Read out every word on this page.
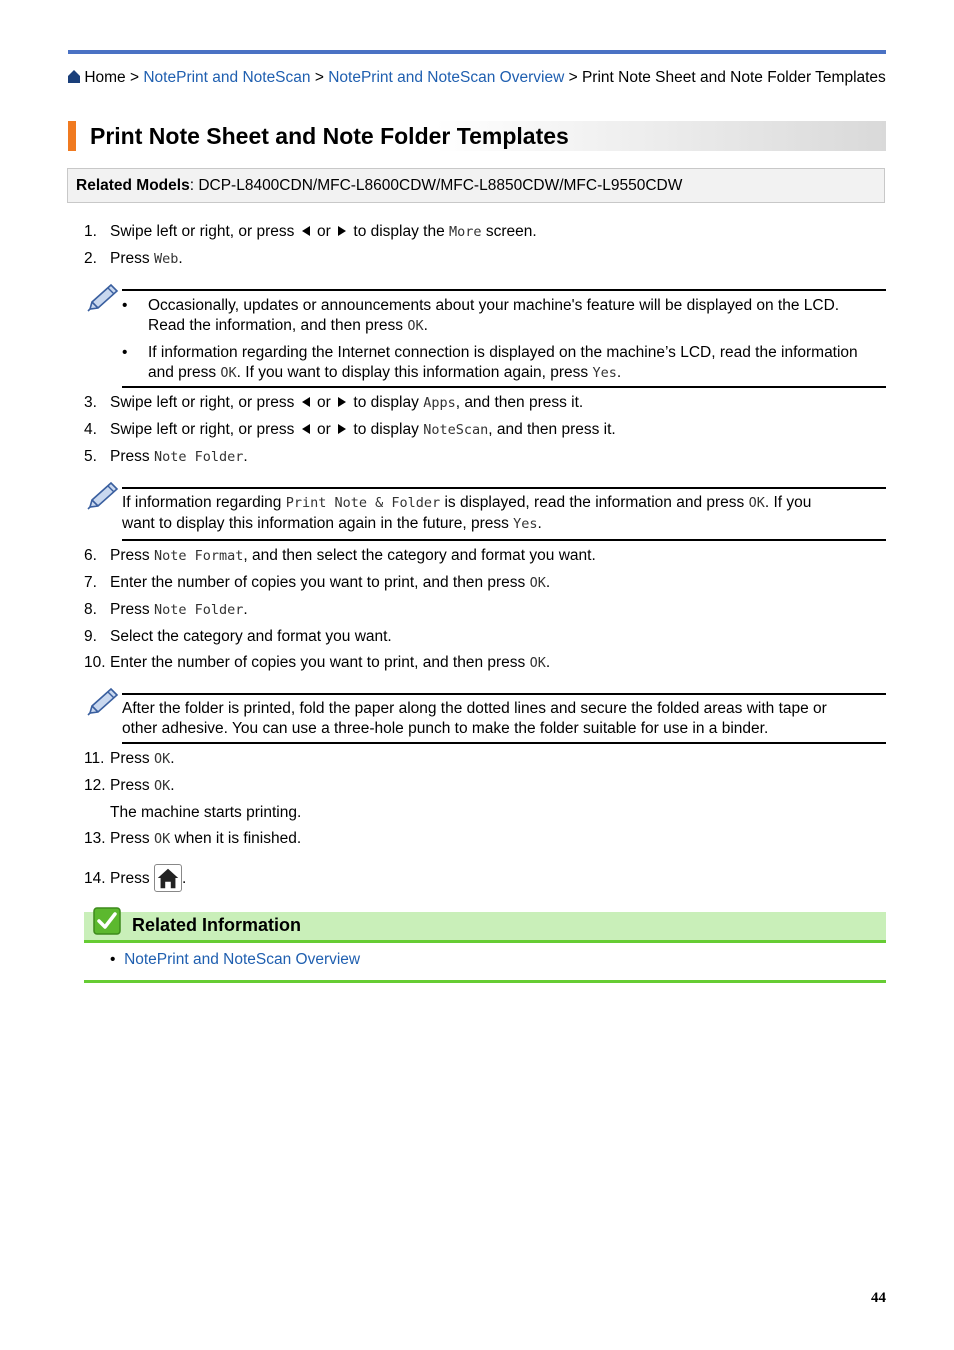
Home > NotePrint and NoteScan > NotePrint and NoteScan Overview > Print Note Sheet and Note Folder Templates
Print Note Sheet and Note Folder Templates
Related Models: DCP-L8400CDN/MFC-L8600CDW/MFC-L8850CDW/MFC-L9550CDW
1. Swipe left or right, or press  or  to display the More screen.
2. Press Web.
• Occasionally, updates or announcements about your machine's feature will be displayed on the LCD.
Read the information, and then press OK.
• If information regarding the Internet connection is displayed on the machine’s LCD, read the information
and press OK. If you want to display this information again, press Yes.
3. Swipe left or right, or press  or  to display Apps, and then press it.
4. Swipe left or right, or press  or  to display NoteScan, and then press it.
5. Press Note Folder.
If information regarding Print Note & Folder is displayed, read the information and press OK. If you
want to display this information again in the future, press Yes.
6. Press Note Format, and then select the category and format you want.
7. Enter the number of copies you want to print, and then press OK.
8. Press Note Folder.
9. Select the category and format you want.
10. Enter the number of copies you want to print, and then press OK.
After the folder is printed, fold the paper along the dotted lines and secure the folded areas with tape or
other adhesive. You can use a three-hole punch to make the folder suitable for use in a binder.
11. Press OK.
12. Press OK.
The machine starts printing.
13. Press OK when it is finished.
14. Press
.
Related Information
• NotePrint and NoteScan Overview
44
